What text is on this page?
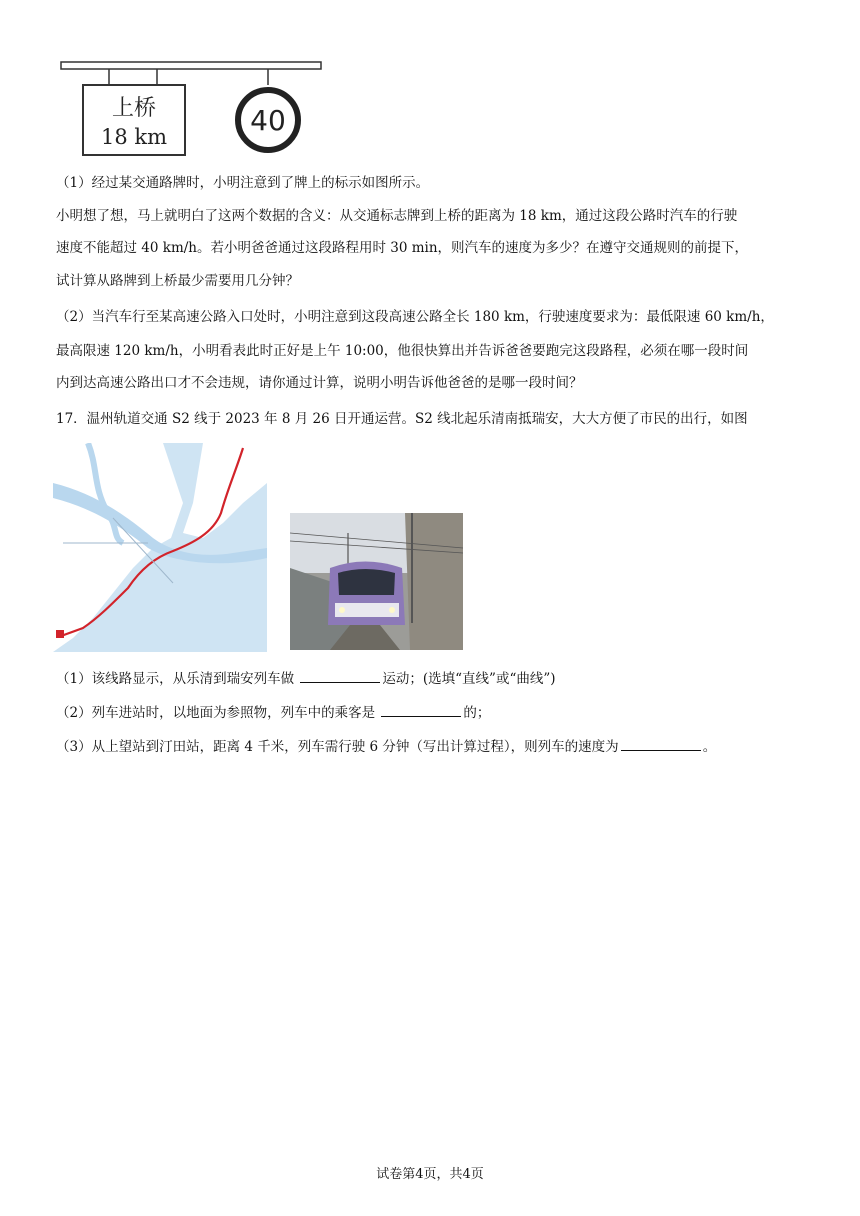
上桥
18 km	40
（1）经过某交通路牌时，小明注意到了牌上的标示如图所示。
小明想了想，马上就明白了这两个数据的含义：从交通标志牌到上桥的距离为 18 km，通过这段公路时汽车的行驶
速度不能超过 40 km/h。若小明爸爸通过这段路程用时 30 min，则汽车的速度为多少？在遵守交通规则的前提下，
试计算从路牌到上桥最少需要用几分钟？
（2）当汽车行至某高速公路入口处时，小明注意到这段高速公路全长 180 km，行驶速度要求为：最低限速 60 km/h，
最高限速 120 km/h，小明看表此时正好是上午 10:00，他很快算出并告诉爸爸要跑完这段路程，必须在哪一段时间
内到达高速公路出口才不会违规，请你通过计算，说明小明告诉他爸爸的是哪一段时间？
17．温州轨道交通 S2 线于 2023 年 8 月 26 日开通运营。S2 线北起乐清南抵瑞安，大大方便了市民的出行，如图
（1）该线路显示，从乐清到瑞安列车做	运动；(选填“直线”或“曲线”)
（2）列车进站时，以地面为参照物，列车中的乘客是	的；
（3）从上望站到汀田站，距离 4 千米，列车需行驶 6 分钟（写出计算过程），则列车的速度为	。
试卷第4页，共4页
